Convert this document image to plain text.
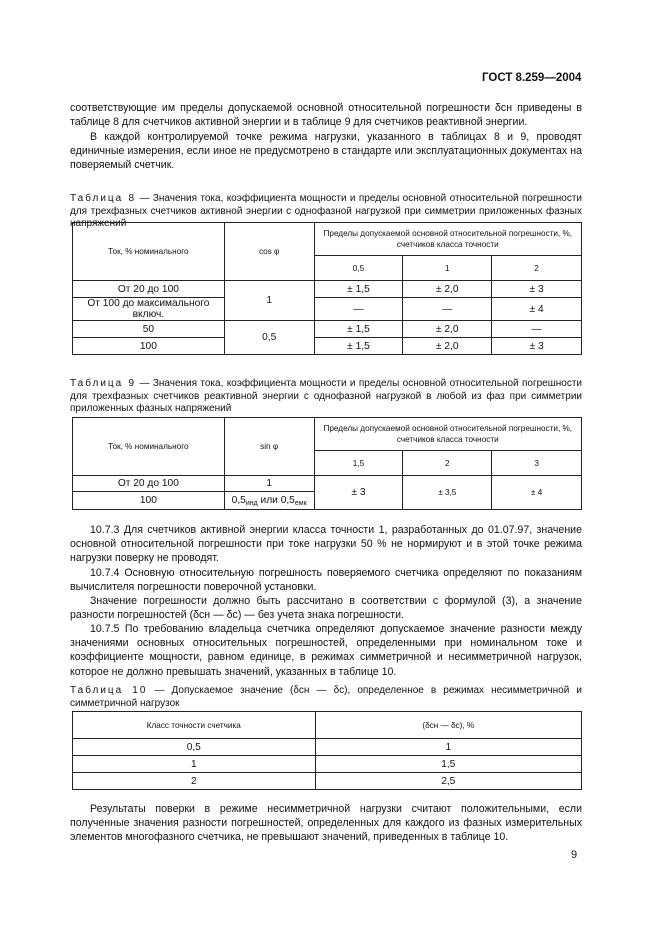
ГОСТ 8.259—2004
соответствующие им пределы допускаемой основной относительной погрешности δсн приведены в таблице 8 для счетчиков активной энергии и в таблице 9 для счетчиков реактивной энергии.
В каждой контролируемой точке режима нагрузки, указанного в таблицах 8 и 9, проводят единичные измерения, если иное не предусмотрено в стандарте или эксплуатационных документах на поверяемый счетчик.
Таблица 8 — Значения тока, коэффициента мощности и пределы основной относительной погрешности для трехфазных счетчиков активной энергии с однофазной нагрузкой при симметрии приложенных фазных напряжений
Ток, % номинального	cos φ	Пределы допускаемой основной относительной погрешности, %, счетчиков класса точности		
		0,5	1	2
От 20 до 100	1	± 1,5	± 2,0	± 3
От 100 до максимального включ.		—	—	± 4
50	0,5	± 1,5	± 2,0	—
100		± 1,5	± 2,0	± 3
Таблица 9 — Значения тока, коэффициента мощности и пределы основной относительной погрешности для трехфазных счетчиков реактивной энергии с однофазной нагрузкой в любой из фаз при симметрии приложенных фазных напряжений
Ток, % номинального	sin φ	Пределы допускаемой основной относительной погрешности, %, счетчиков класса точности		
		1,5	2	3
От 20 до 100	1	± 3	± 3,5	± 4
100	$0,5_{инд}$ или $0,5_{емк}$
10.7.3 Для счетчиков активной энергии класса точности 1, разработанных до 01.07.97, значение основной относительной погрешности при токе нагрузки 50 % не нормируют и в этой точке режима нагрузки поверку не проводят.
10.7.4 Основную относительную погрешность поверяемого счетчика определяют по показаниям вычислителя погрешности поверочной установки.
Значение погрешности должно быть рассчитано в соответствии с формулой (3), а значение разности погрешностей (δсн — δс) — без учета знака погрешности.
10.7.5 По требованию владельца счетчика определяют допускаемое значение разности между значениями основных относительных погрешностей, определенными при номинальном токе и коэффициенте мощности, равном единице, в режимах симметричной и несимметричной нагрузок, которое не должно превышать значений, указанных в таблице 10.
Таблица 10 — Допускаемое значение (δсн — δс), определенное в режимах несимметричной и симметричной нагрузок
Класс точности счетчика	(δсн — δс), %
0,5	1
1	1,5
2	2,5
Результаты поверки в режиме несимметричной нагрузки считают положительными, если полученные значения разности погрешностей, определенных для каждого из фазных измерительных элементов многофазного счетчика, не превышают значений, приведенных в таблице 10.
9
